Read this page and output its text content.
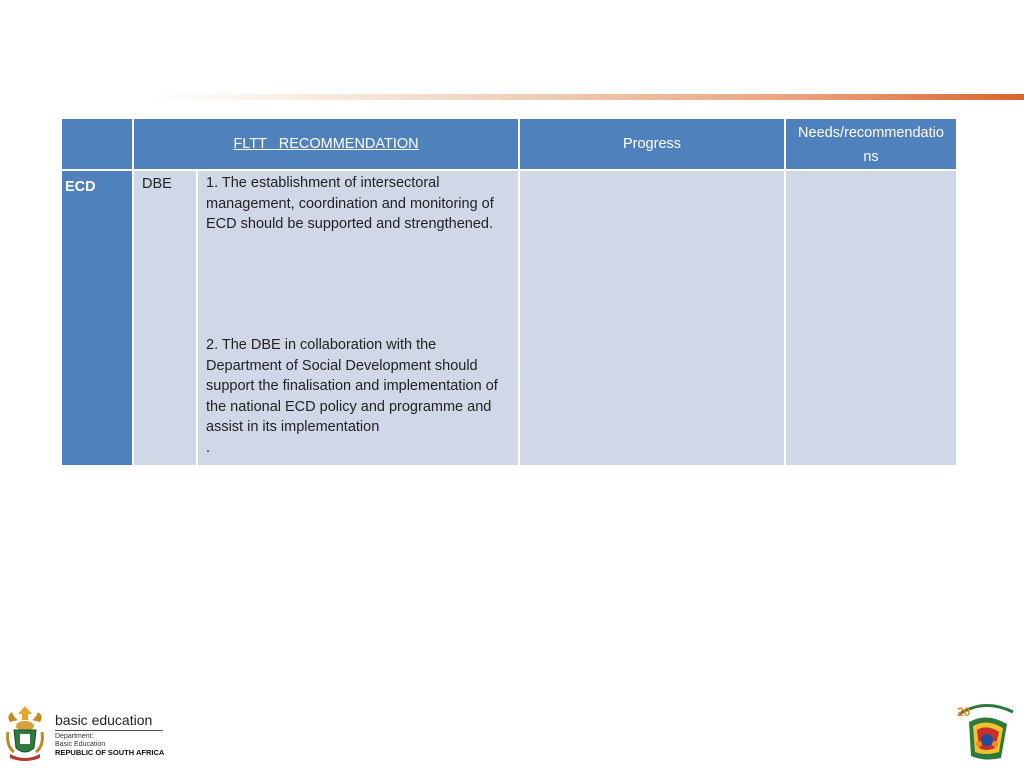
	FLTT   RECOMMENDATION		Progress	Needs/recommendatio
ns

ECD	DBE	1. The establishment of intersectoral management, coordination and monitoring of ECD should be supported and strengthened.
2. The DBE in collaboration with the Department of Social Development should support the finalisation and implementation of the national ECD policy and programme and assist in its implementation
.		

basic education
Department:
Basic Education
REPUBLIC OF SOUTH AFRICA
20
